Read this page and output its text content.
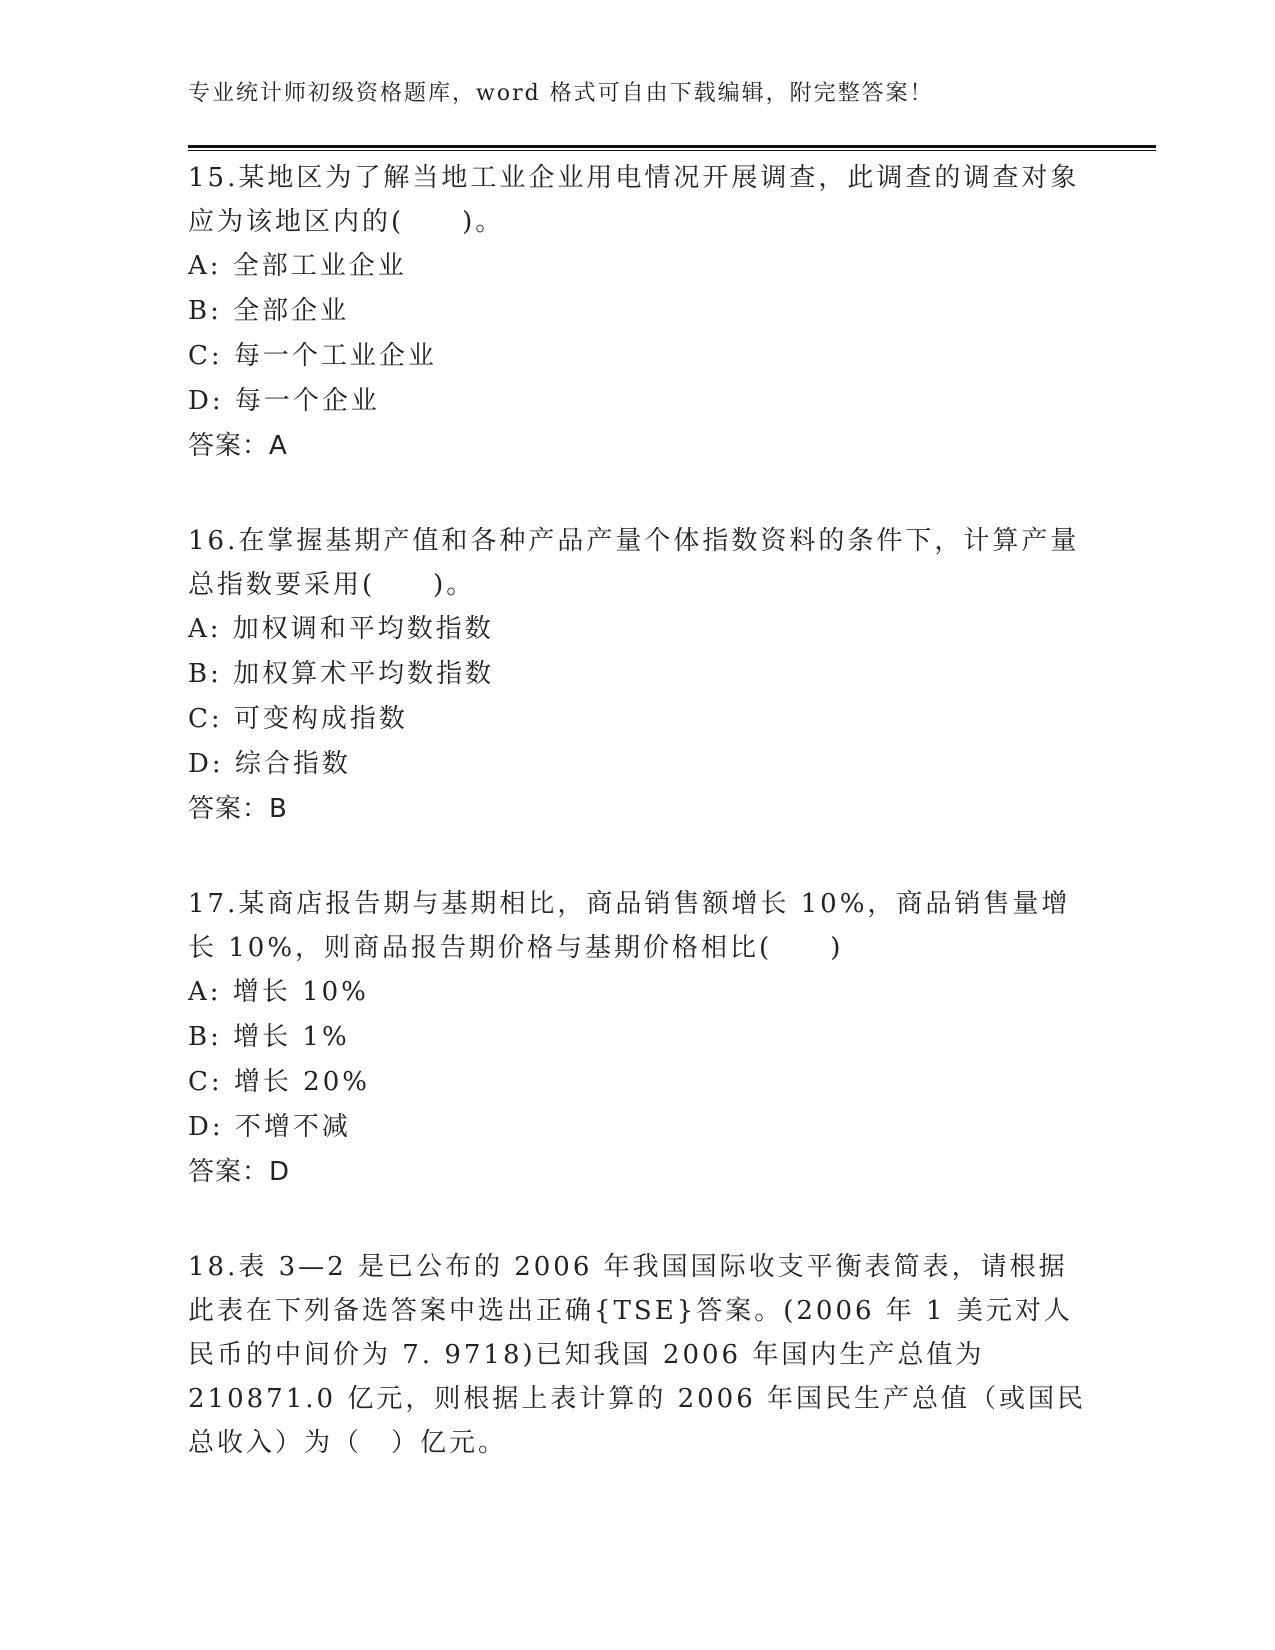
专业统计师初级资格题库，word 格式可自由下载编辑，附完整答案！

15.某地区为了解当地工业企业用电情况开展调查，此调查的调查对象应为该地区内的(　　)。

A: 全部工业企业

B: 全部企业

C: 每一个工业企业

D: 每一个企业

答案：A

16.在掌握基期产值和各种产品产量个体指数资料的条件下，计算产量总指数要采用(　　)。

A: 加权调和平均数指数

B: 加权算术平均数指数

C: 可变构成指数

D: 综合指数

答案：B

17.某商店报告期与基期相比，商品销售额增长 10%，商品销售量增长 10%，则商品报告期价格与基期价格相比(　　)

A: 增长 10%

B: 增长 1%

C: 增长 20%

D: 不增不减

答案：D

18.表 3—2 是已公布的 2006 年我国国际收支平衡表简表，请根据此表在下列备选答案中选出正确{TSE}答案。(2006 年 1 美元对人民币的中间价为 7. 9718)已知我国 2006 年国内生产总值为 210871.0 亿元，则根据上表计算的 2006 年国民生产总值（或国民总收入）为（　）亿元。
